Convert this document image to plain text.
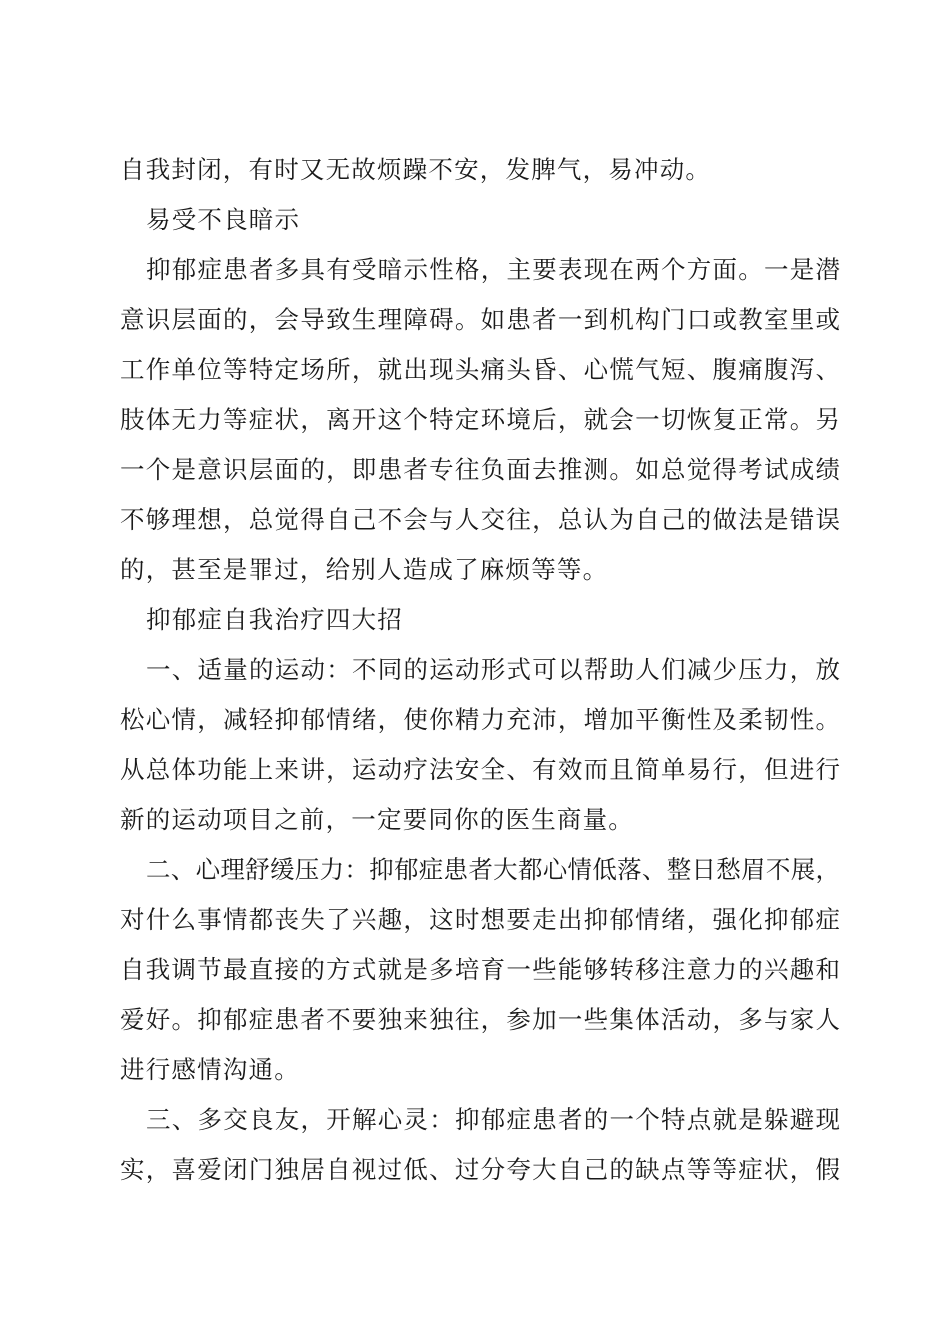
自我封闭，有时又无故烦躁不安，发脾气，易冲动。
易受不良暗示
抑郁症患者多具有受暗示性格，主要表现在两个方面。一是潜
意识层面的，会导致生理障碍。如患者一到机构门口或教室里或
工作单位等特定场所，就出现头痛头昏、心慌气短、腹痛腹泻、
肢体无力等症状，离开这个特定环境后，就会一切恢复正常。另
一个是意识层面的，即患者专往负面去推测。如总觉得考试成绩
不够理想，总觉得自己不会与人交往，总认为自己的做法是错误
的，甚至是罪过，给别人造成了麻烦等等。
抑郁症自我治疗四大招
一、适量的运动：不同的运动形式可以帮助人们减少压力，放
松心情，减轻抑郁情绪，使你精力充沛，增加平衡性及柔韧性。
从总体功能上来讲，运动疗法安全、有效而且简单易行，但进行
新的运动项目之前，一定要同你的医生商量。
二、心理舒缓压力：抑郁症患者大都心情低落、整日愁眉不展，
对什么事情都丧失了兴趣，这时想要走出抑郁情绪，强化抑郁症
自我调节最直接的方式就是多培育一些能够转移注意力的兴趣和
爱好。抑郁症患者不要独来独往，参加一些集体活动，多与家人
进行感情沟通。
三、多交良友，开解心灵：抑郁症患者的一个特点就是躲避现
实，喜爱闭门独居自视过低、过分夸大自己的缺点等等症状，假
